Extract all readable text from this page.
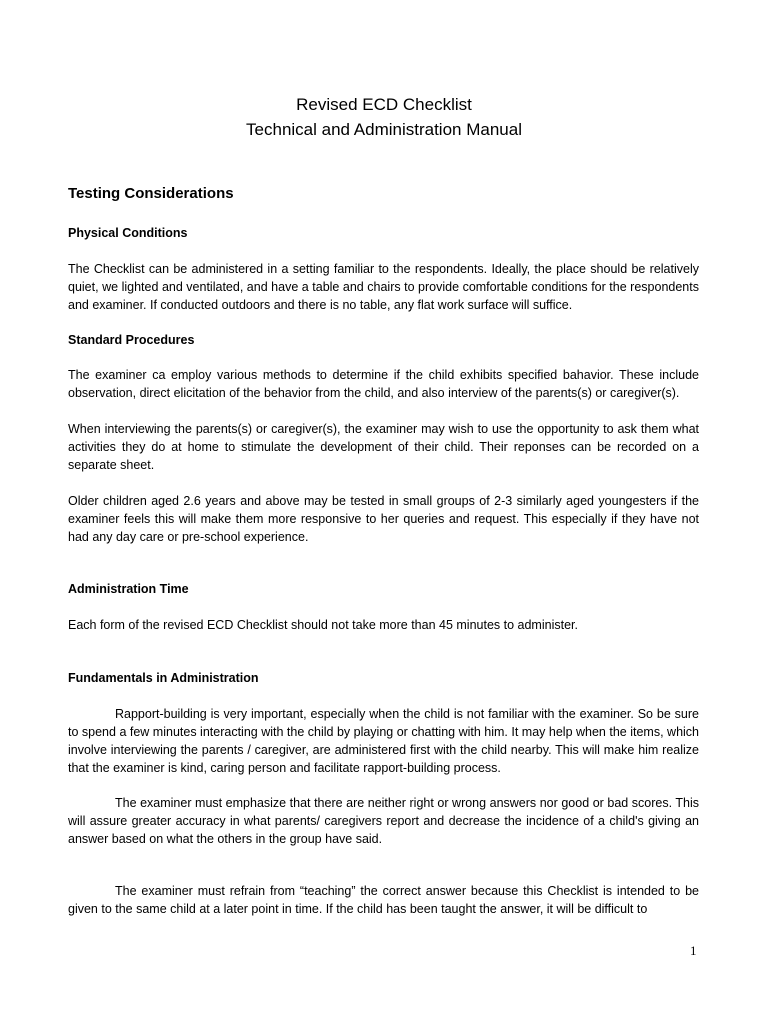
Revised ECD Checklist
Technical and Administration Manual
Testing Considerations
Physical Conditions

The Checklist can be administered in a setting familiar to the respondents. Ideally, the place should be relatively quiet, we lighted and ventilated, and have a table and chairs to provide comfortable conditions for the respondents and examiner. If conducted outdoors and there is no table, any flat work surface will suffice.

Standard Procedures

The examiner ca employ various methods to determine if the child exhibits specified bahavior. These include observation, direct elicitation of the behavior from the child, and also interview of the parents(s) or caregiver(s).

When interviewing the parents(s) or caregiver(s), the examiner may wish to use the opportunity to ask them what activities they do at home to stimulate the development of their child. Their reponses can be recorded on a separate sheet.

Older children aged 2.6 years and above may be tested in small groups of 2-3 similarly aged youngesters if the examiner feels this will make them more responsive to her queries and request. This especially if they have not had any day care or pre-school experience.

Administration Time

Each form of the revised ECD Checklist should not take more than 45 minutes to administer.

Fundamentals in Administration

Rapport-building is very important, especially when the child is not familiar with the examiner. So be sure to spend a few minutes interacting with the child by playing or chatting with him. It may help when the items, which involve interviewing the parents / caregiver, are administered first with the child nearby. This will make him realize that the examiner is kind, caring person and facilitate rapport-building process.

The examiner must emphasize that there are neither right or wrong answers nor good or bad scores. This will assure greater accuracy in what parents/ caregivers report and decrease the incidence of a child's giving an answer based on what the others in the group have said.

The examiner must refrain from “teaching” the correct answer because this Checklist is intended to be given to the same child at a later point in time. If the child has been taught the answer, it will be difficult to

1
